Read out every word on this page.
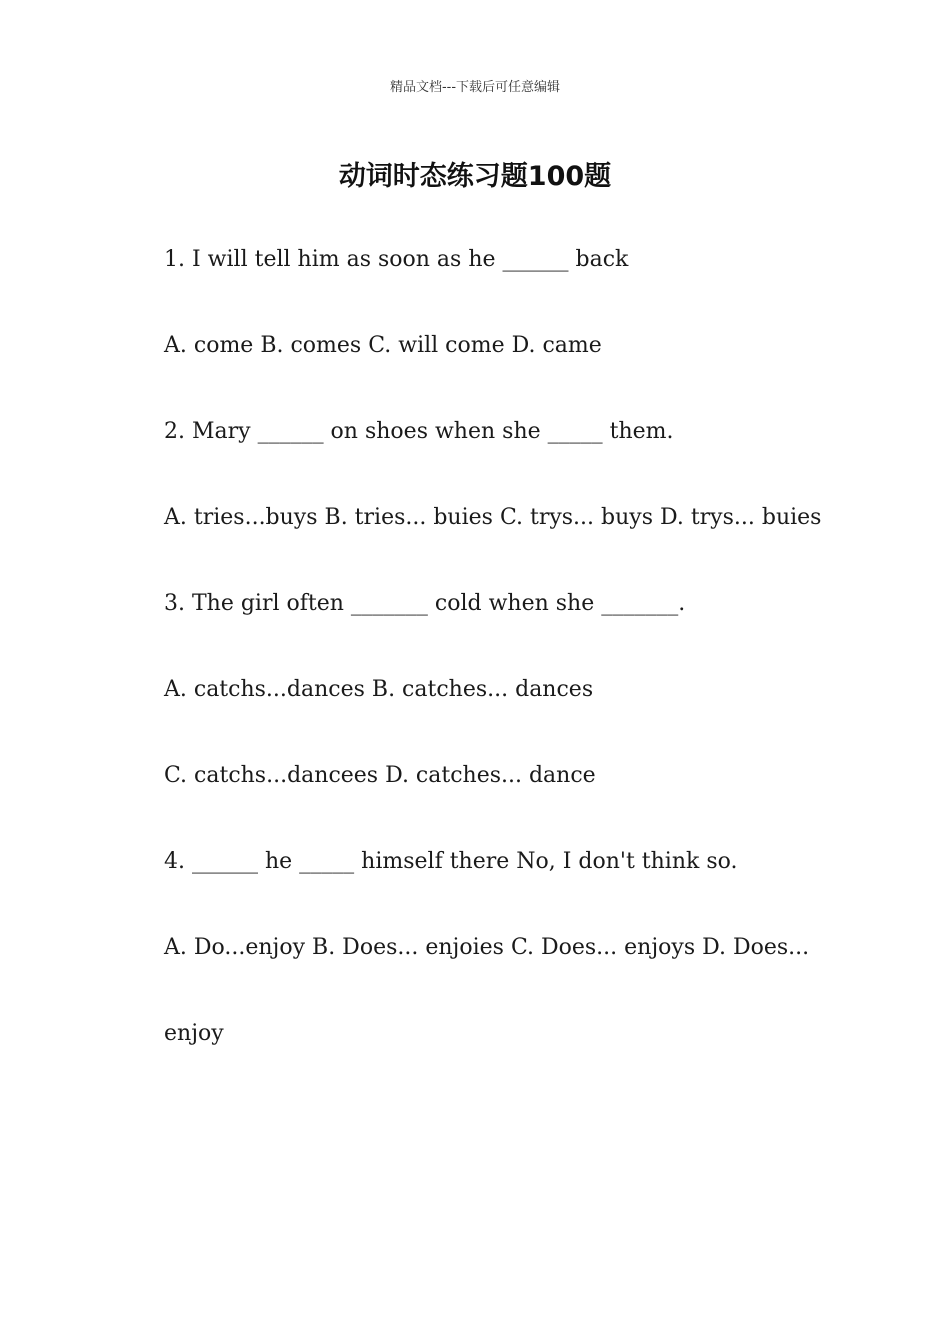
精品文档---下载后可任意编辑
动词时态练习题100题

1. I will tell him as soon as he ______ back

A. come B. comes C. will come D. came

2. Mary ______ on shoes when she _____ them.

A. tries...buys B. tries... buies C. trys... buys D. trys... buies

3. The girl often _______ cold when she _______.

A. catchs...dances B. catches... dances

C. catchs...dancees D. catches... dance

4. ______ he _____ himself there No, I don't think so.

A. Do...enjoy B. Does... enjoies C. Does... enjoys D. Does...

enjoy
